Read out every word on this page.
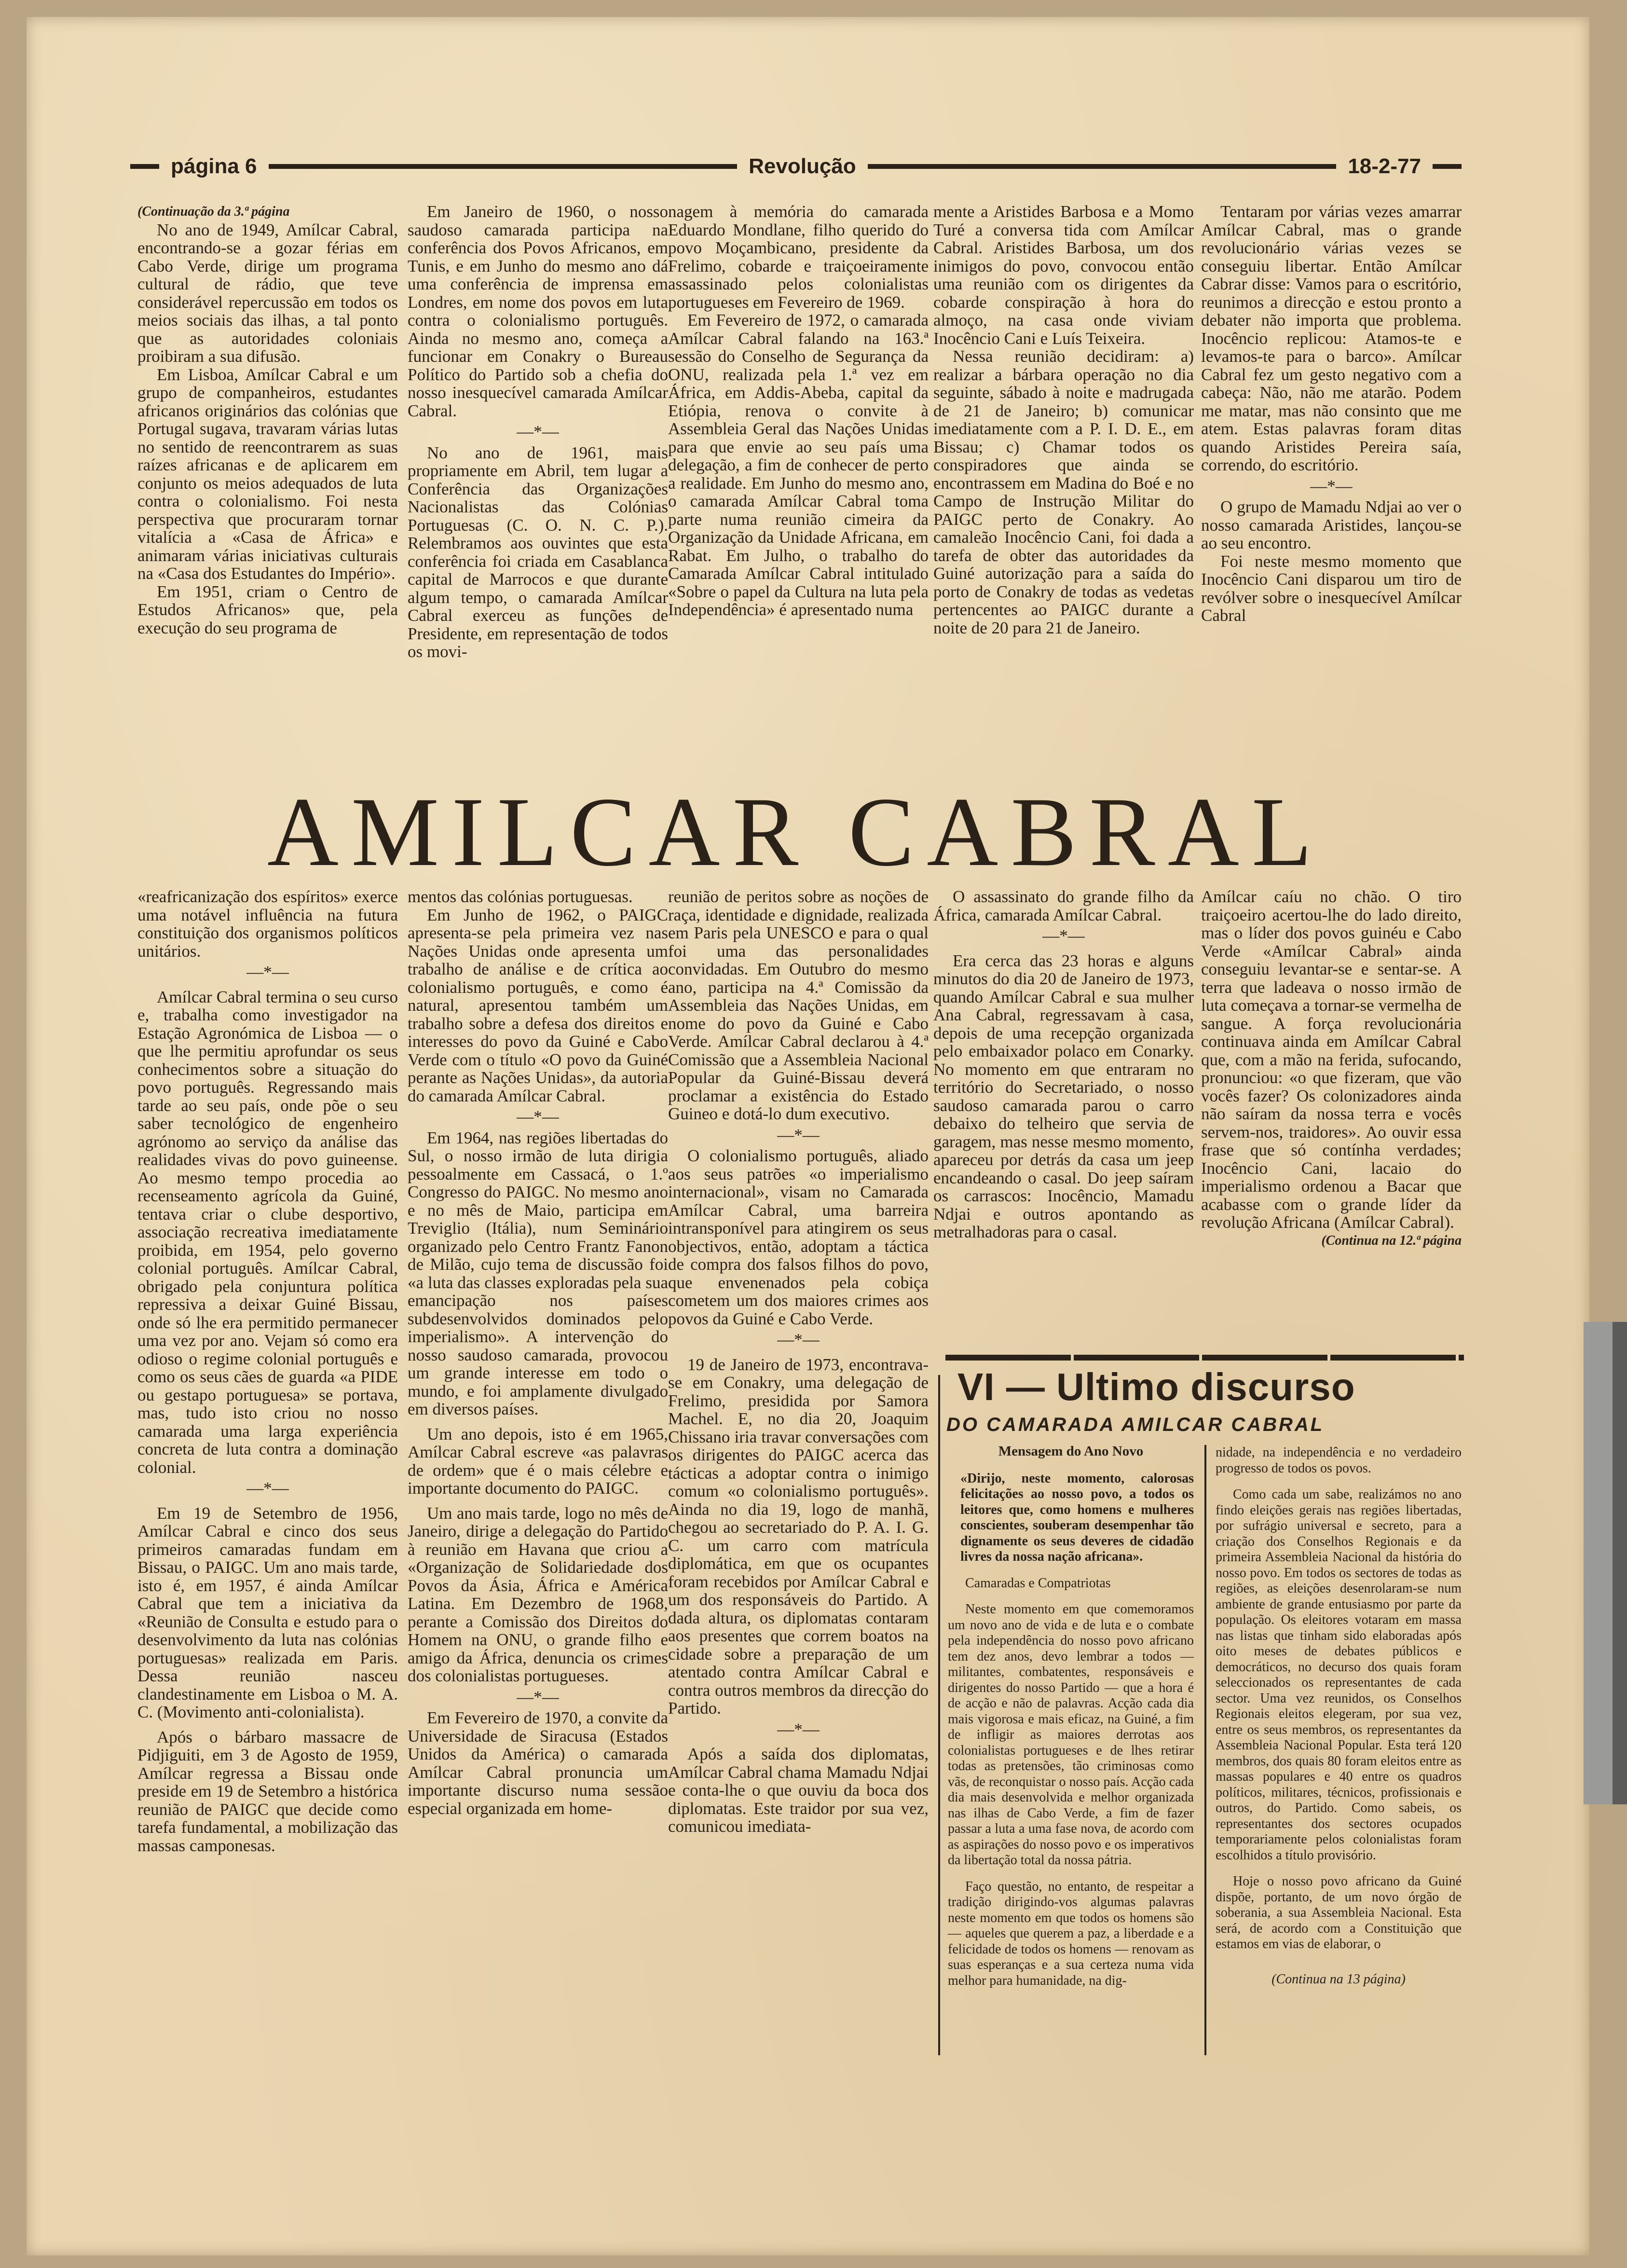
página 6	Revolução	18-2-77

(Continuação da 3.ª página

No ano de 1949, Amílcar Cabral, encontrando-se a gozar férias em Cabo Verde, dirige um programa cultural de rádio, que teve considerável repercussão em todos os meios sociais das ilhas, a tal ponto que as autoridades coloniais proibiram a sua difusão.

Em Lisboa, Amílcar Cabral e um grupo de companheiros, estudantes africanos originários das colónias que Portugal sugava, travaram várias lutas no sentido de reencontrarem as suas raízes africanas e de aplicarem em conjunto os meios adequados de luta contra o colonialismo. Foi nesta perspectiva que procuraram tornar vitalícia a «Casa de África» e animaram várias iniciativas culturais na «Casa dos Estudantes do Império».

Em 1951, criam o Centro de Estudos Africanos» que, pela execução do seu programa de

Em Janeiro de 1960, o nosso saudoso camarada participa na conferência dos Povos Africanos, em Tunis, e em Junho do mesmo ano dá uma conferência de imprensa em Londres, em nome dos povos em luta contra o colonialismo português. Ainda no mesmo ano, começa a funcionar em Conakry o Bureau Político do Partido sob a chefia do nosso inesquecível camarada Amílcar Cabral.

—*—

No ano de 1961, mais propriamente em Abril, tem lugar a Conferência das Organizações Nacionalistas das Colónias Portuguesas (C. O. N. C. P.). Relembramos aos ouvintes que esta conferência foi criada em Casablanca capital de Marrocos e que durante algum tempo, o camarada Amílcar Cabral exerceu as funções de Presidente, em representação de todos os movi-

nagem à memória do camarada Eduardo Mondlane, filho querido do povo Moçambicano, presidente da Frelimo, cobarde e traiçoeiramente assassinado pelos colonialistas portugueses em Fevereiro de 1969.

Em Fevereiro de 1972, o camarada Amílcar Cabral falando na 163.ª sessão do Conselho de Segurança da ONU, realizada pela 1.ª vez em África, em Addis-Abeba, capital da Etiópia, renova o convite à Assembleia Geral das Nações Unidas para que envie ao seu país uma delegação, a fim de conhecer de perto a realidade. Em Junho do mesmo ano, o camarada Amílcar Cabral toma parte numa reunião cimeira da Organização da Unidade Africana, em Rabat. Em Julho, o trabalho do Camarada Amílcar Cabral intitulado «Sobre o papel da Cultura na luta pela Independência» é apresentado numa

mente a Aristides Barbosa e a Momo Turé a conversa tida com Amílcar Cabral. Aristides Barbosa, um dos inimigos do povo, convocou então uma reunião com os dirigentes da cobarde conspiração à hora do almoço, na casa onde viviam Inocêncio Cani e Luís Teixeira.

Nessa reunião decidiram: a) realizar a bárbara operação no dia seguinte, sábado à noite e madrugada de 21 de Janeiro; b) comunicar imediatamente com a P. I. D. E., em Bissau; c) Chamar todos os conspiradores que ainda se encontrassem em Madina do Boé e no Campo de Instrução Militar do PAIGC perto de Conakry. Ao camaleão Inocêncio Cani, foi dada a tarefa de obter das autoridades da Guiné autorização para a saída do porto de Conakry de todas as vedetas pertencentes ao PAIGC durante a noite de 20 para 21 de Janeiro.

Tentaram por várias vezes amarrar Amílcar Cabral, mas o grande revolucionário várias vezes se conseguiu libertar. Então Amílcar Cabrar disse: Vamos para o escritório, reunimos a direcção e estou pronto a debater não importa que problema. Inocêncio replicou: Atamos-te e levamos-te para o barco». Amílcar Cabral fez um gesto negativo com a cabeça: Não, não me atarão. Podem me matar, mas não consinto que me atem. Estas palavras foram ditas quando Aristides Pereira saía, correndo, do escritório.

—*—

O grupo de Mamadu Ndjai ao ver o nosso camarada Aristides, lançou-se ao seu encontro.

Foi neste mesmo momento que Inocêncio Cani disparou um tiro de revólver sobre o inesquecível Amílcar Cabral

AMILCAR CABRAL

«reafricanização dos espíritos» exerce uma notável influência na futura constituição dos organismos políticos unitários.

—*—

Amílcar Cabral termina o seu curso e, trabalha como investigador na Estação Agronómica de Lisboa — o que lhe permitiu aprofundar os seus conhecimentos sobre a situação do povo português. Regressando mais tarde ao seu país, onde põe o seu saber tecnológico de engenheiro agrónomo ao serviço da análise das realidades vivas do povo guineense. Ao mesmo tempo procedia ao recenseamento agrícola da Guiné, tentava criar o clube desportivo, associação recreativa imediatamente proibida, em 1954, pelo governo colonial português. Amílcar Cabral, obrigado pela conjuntura política repressiva a deixar Guiné Bissau, onde só lhe era permitido permanecer uma vez por ano. Vejam só como era odioso o regime colonial português e como os seus cães de guarda «a PIDE ou gestapo portuguesa» se portava, mas, tudo isto criou no nosso camarada uma larga experiência concreta de luta contra a dominação colonial.

—*—

Em 19 de Setembro de 1956, Amílcar Cabral e cinco dos seus primeiros camaradas fundam em Bissau, o PAIGC. Um ano mais tarde, isto é, em 1957, é ainda Amílcar Cabral que tem a iniciativa da «Reunião de Consulta e estudo para o desenvolvimento da luta nas colónias portuguesas» realizada em Paris. Dessa reunião nasceu clandestinamente em Lisboa o M. A. C. (Movimento anti-colonialista).

Após o bárbaro massacre de Pidjiguiti, em 3 de Agosto de 1959, Amílcar regressa a Bissau onde preside em 19 de Setembro a histórica reunião de PAIGC que decide como tarefa fundamental, a mobilização das massas camponesas.

mentos das colónias portuguesas.

Em Junho de 1962, o PAIGC apresenta-se pela primeira vez nas Nações Unidas onde apresenta um trabalho de análise e de crítica ao colonialismo português, e como é natural, apresentou também um trabalho sobre a defesa dos direitos e interesses do povo da Guiné e Cabo Verde com o título «O povo da Guiné perante as Nações Unidas», da autoria do camarada Amílcar Cabral.

—*—

Em 1964, nas regiões libertadas do Sul, o nosso irmão de luta dirigia pessoalmente em Cassacá, o 1.º Congresso do PAIGC. No mesmo ano e no mês de Maio, participa em Treviglio (Itália), num Seminário organizado pelo Centro Frantz Fanon de Milão, cujo tema de discussão foi «a luta das classes exploradas pela sua emancipação nos países subdesenvolvidos dominados pelo imperialismo». A intervenção do nosso saudoso camarada, provocou um grande interesse em todo o mundo, e foi amplamente divulgado em diversos países.

Um ano depois, isto é em 1965, Amílcar Cabral escreve «as palavras de ordem» que é o mais célebre e importante documento do PAIGC.

Um ano mais tarde, logo no mês de Janeiro, dirige a delegação do Partido à reunião em Havana que criou a «Organização de Solidariedade dos Povos da Ásia, África e América Latina. Em Dezembro de 1968, perante a Comissão dos Direitos do Homem na ONU, o grande filho e amigo da África, denuncia os crimes dos colonialistas portugueses.

—*—

Em Fevereiro de 1970, a convite da Universidade de Siracusa (Estados Unidos da América) o camarada Amílcar Cabral pronuncia um importante discurso numa sessão especial organizada em home-

reunião de peritos sobre as noções de raça, identidade e dignidade, realizada em Paris pela UNESCO e para o qual foi uma das personalidades convidadas. Em Outubro do mesmo ano, participa na 4.ª Comissão da Assembleia das Nações Unidas, em nome do povo da Guiné e Cabo Verde. Amílcar Cabral declarou à 4.ª Comissão que a Assembleia Nacional Popular da Guiné-Bissau deverá proclamar a existência do Estado Guineo e dotá-lo dum executivo.

—*—

O colonialismo português, aliado aos seus patrões «o imperialismo internacional», visam no Camarada Amílcar Cabral, uma barreira intransponível para atingirem os seus objectivos, então, adoptam a táctica de compra dos falsos filhos do povo, que envenenados pela cobiça cometem um dos maiores crimes aos povos da Guiné e Cabo Verde.

—*—

19 de Janeiro de 1973, encontrava-se em Conakry, uma delegação de Frelimo, presidida por Samora Machel. E, no dia 20, Joaquim Chissano iria travar conversações com os dirigentes do PAIGC acerca das tácticas a adoptar contra o inimigo comum «o colonialismo português». Ainda no dia 19, logo de manhã, chegou ao secretariado do P. A. I. G. C. um carro com matrícula diplomática, em que os ocupantes foram recebidos por Amílcar Cabral e um dos responsáveis do Partido. A dada altura, os diplomatas contaram aos presentes que correm boatos na cidade sobre a preparação de um atentado contra Amílcar Cabral e contra outros membros da direcção do Partido.

—*—

Após a saída dos diplomatas, Amílcar Cabral chama Mamadu Ndjai e conta-lhe o que ouviu da boca dos diplomatas. Este traidor por sua vez, comunicou imediata-

O assassinato do grande filho da África, camarada Amílcar Cabral.

—*—

Era cerca das 23 horas e alguns minutos do dia 20 de Janeiro de 1973, quando Amílcar Cabral e sua mulher Ana Cabral, regressavam à casa, depois de uma recepção organizada pelo embaixador polaco em Conarky. No momento em que entraram no território do Secretariado, o nosso saudoso camarada parou o carro debaixo do telheiro que servia de garagem, mas nesse mesmo momento, apareceu por detrás da casa um jeep encandeando o casal. Do jeep saíram os carrascos: Inocêncio, Mamadu Ndjai e outros apontando as metralhadoras para o casal.

Amílcar caíu no chão. O tiro traiçoeiro acertou-lhe do lado direito, mas o líder dos povos guinéu e Cabo Verde «Amílcar Cabral» ainda conseguiu levantar-se e sentar-se. A terra que ladeava o nosso irmão de luta começava a tornar-se vermelha de sangue. A força revolucionária continuava ainda em Amílcar Cabral que, com a mão na ferida, sufocando, pronunciou: «o que fizeram, que vão vocês fazer? Os colonizadores ainda não saíram da nossa terra e vocês servem-nos, traidores». Ao ouvir essa frase que só contínha verdades; Inocêncio Cani, lacaio do imperialismo ordenou a Bacar que acabasse com o grande líder da revolução Africana (Amílcar Cabral).

(Continua na 12.ª página

VI — Ultimo discurso
DO CAMARADA AMILCAR CABRAL

Mensagem do Ano Novo

«Dirijo, neste momento, calorosas felicitações ao nosso povo, a todos os leitores que, como homens e mulheres conscientes, souberam desempenhar tão dignamente os seus deveres de cidadão livres da nossa nação africana».

Camaradas e Compatriotas

Neste momento em que comemoramos um novo ano de vida e de luta e o combate pela independência do nosso povo africano tem dez anos, devo lembrar a todos — militantes, combatentes, responsáveis e dirigentes do nosso Partido — que a hora é de acção e não de palavras. Acção cada dia mais vigorosa e mais eficaz, na Guiné, a fim de infligir as maiores derrotas aos colonialistas portugueses e de lhes retirar todas as pretensões, tão criminosas como vãs, de reconquistar o nosso país. Acção cada dia mais desenvolvida e melhor organizada nas ilhas de Cabo Verde, a fim de fazer passar a luta a uma fase nova, de acordo com as aspirações do nosso povo e os imperativos da libertação total da nossa pátria.

Faço questão, no entanto, de respeitar a tradição dirigindo-vos algumas palavras neste momento em que todos os homens são — aqueles que querem a paz, a liberdade e a felicidade de todos os homens — renovam as suas esperanças e a sua certeza numa vida melhor para humanidade, na dig-

nidade, na independência e no verdadeiro progresso de todos os povos.

Como cada um sabe, realizámos no ano findo eleições gerais nas regiões libertadas, por sufrágio universal e secreto, para a criação dos Conselhos Regionais e da primeira Assembleia Nacional da história do nosso povo. Em todos os sectores de todas as regiões, as eleições desenrolaram-se num ambiente de grande entusiasmo por parte da população. Os eleitores votaram em massa nas listas que tinham sido elaboradas após oito meses de debates públicos e democráticos, no decurso dos quais foram seleccionados os representantes de cada sector. Uma vez reunidos, os Conselhos Regionais eleitos elegeram, por sua vez, entre os seus membros, os representantes da Assembleia Nacional Popular. Esta terá 120 membros, dos quais 80 foram eleitos entre as massas populares e 40 entre os quadros políticos, militares, técnicos, profissionais e outros, do Partido. Como sabeis, os representantes dos sectores ocupados temporariamente pelos colonialistas foram escolhidos a título provisório.

Hoje o nosso povo africano da Guiné dispõe, portanto, de um novo órgão de soberania, a sua Assembleia Nacional. Esta será, de acordo com a Constituição que estamos em vias de elaborar, o

(Continua na 13 página)
